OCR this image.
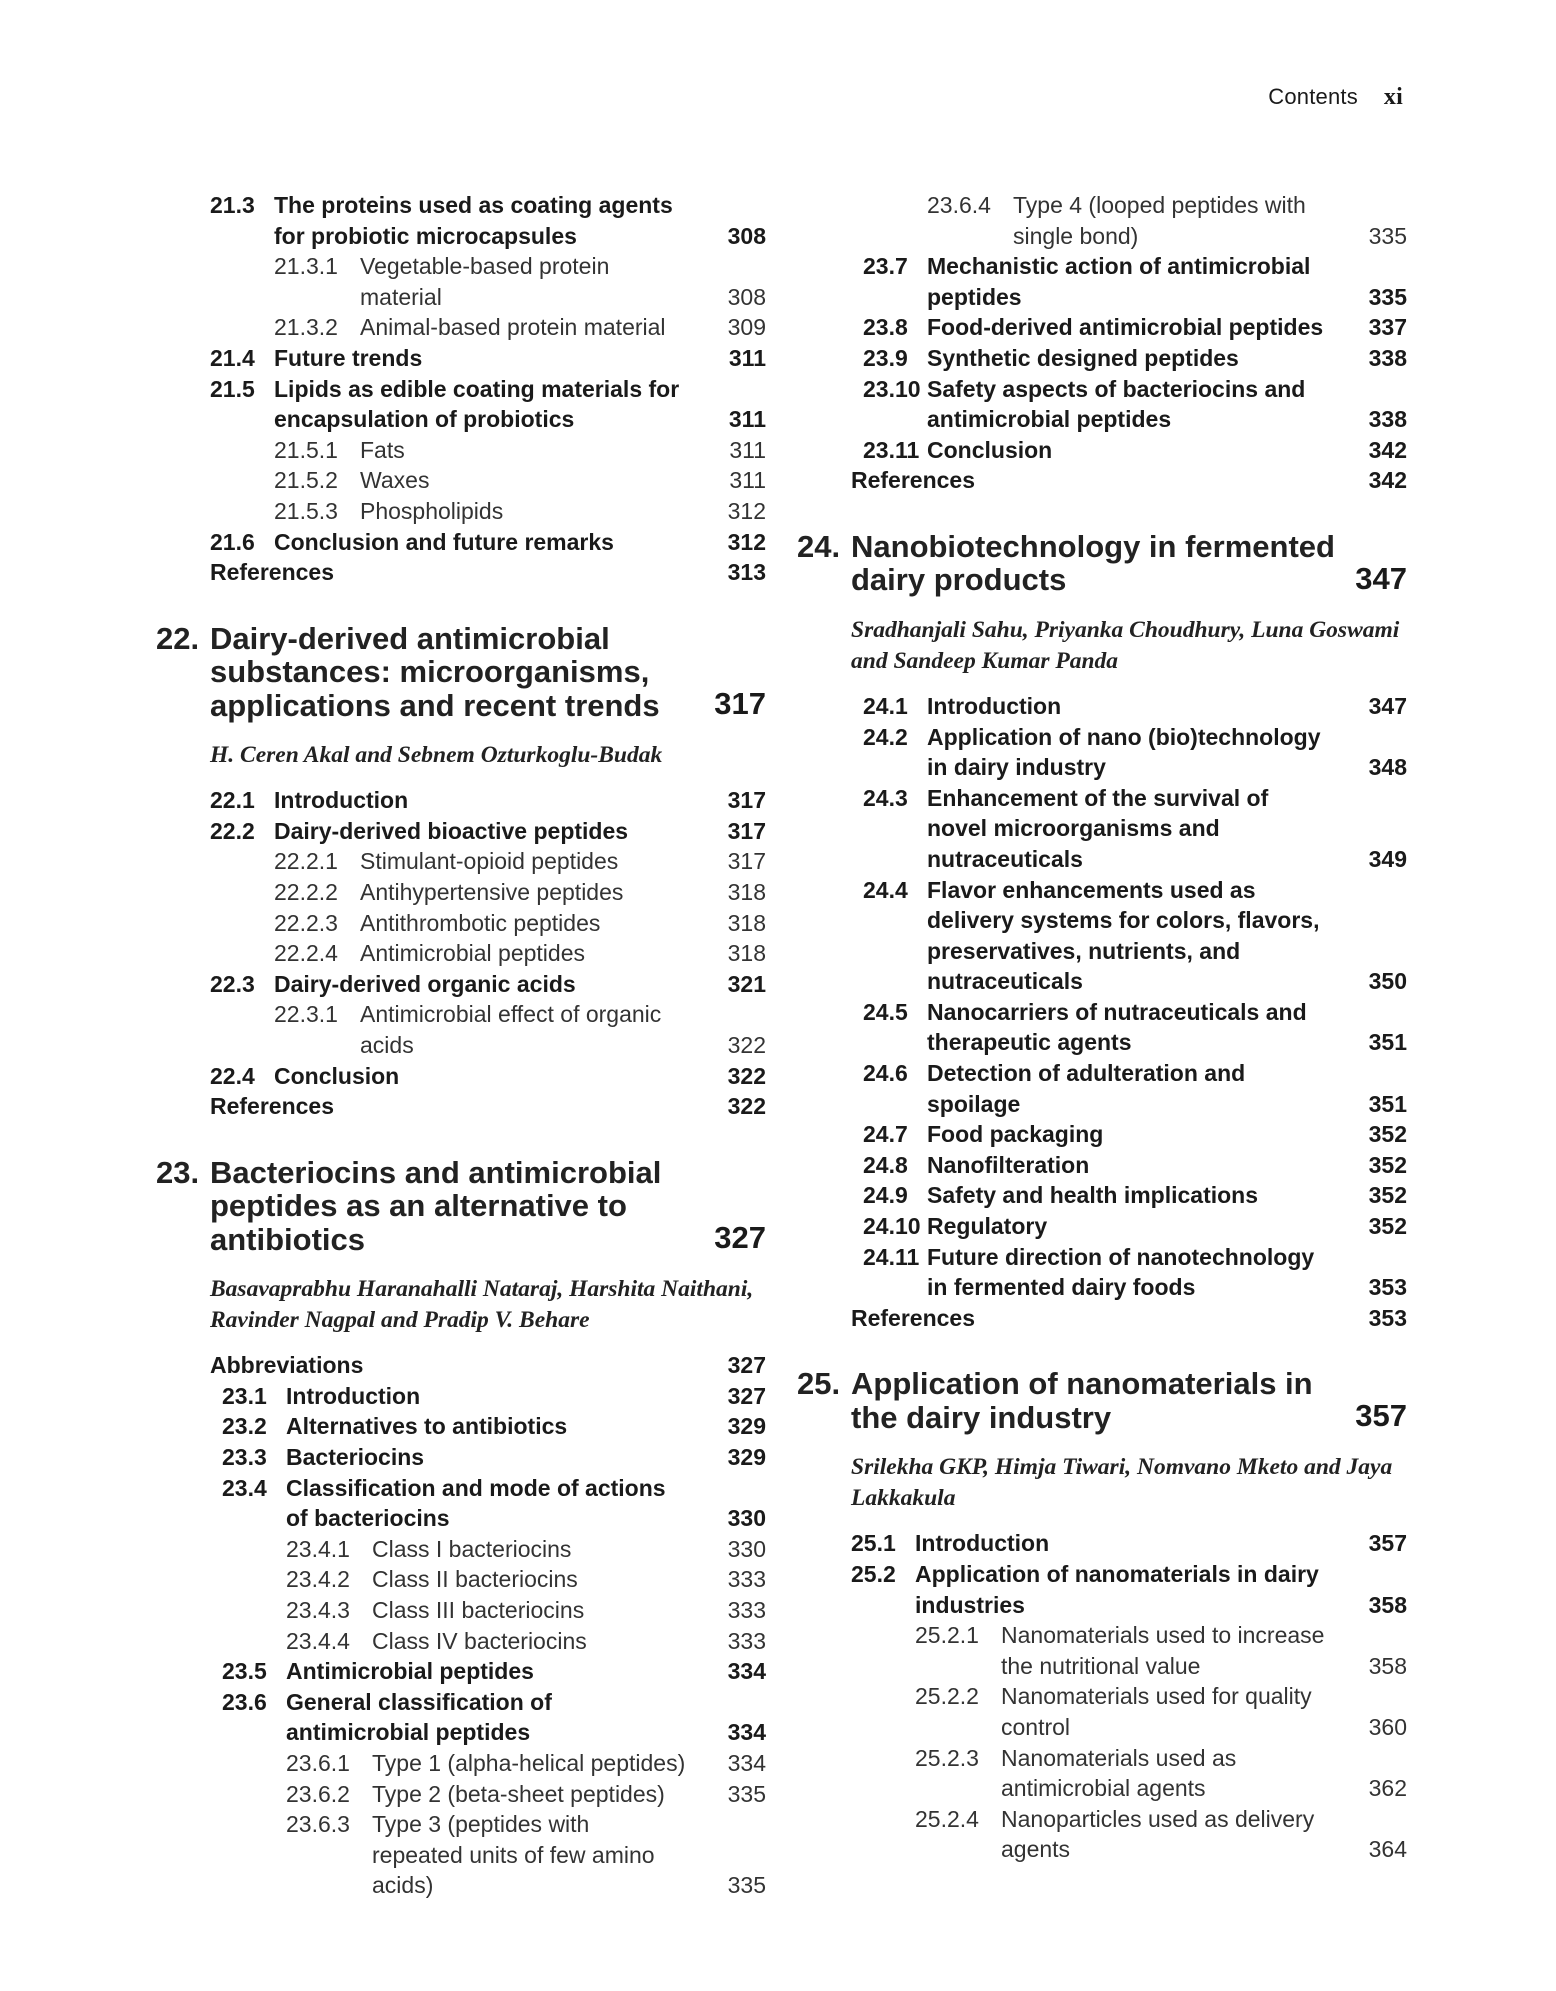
Contents xi
21.3 The proteins used as coating agents for probiotic microcapsules	308
21.3.1 Vegetable-based protein material	308
21.3.2 Animal-based protein material	309
21.4 Future trends	311
21.5 Lipids as edible coating materials for encapsulation of probiotics	311
21.5.1 Fats	311
21.5.2 Waxes	311
21.5.3 Phospholipids	312
21.6 Conclusion and future remarks	312
References	313
22. Dairy-derived antimicrobial substances: microorganisms, applications and recent trends	317
H. Ceren Akal and Sebnem Ozturkoglu-Budak
22.1 Introduction	317
22.2 Dairy-derived bioactive peptides	317
22.2.1 Stimulant-opioid peptides	317
22.2.2 Antihypertensive peptides	318
22.2.3 Antithrombotic peptides	318
22.2.4 Antimicrobial peptides	318
22.3 Dairy-derived organic acids	321
22.3.1 Antimicrobial effect of organic acids	322
22.4 Conclusion	322
References	322
23. Bacteriocins and antimicrobial peptides as an alternative to antibiotics	327
Basavaprabhu Haranahalli Nataraj, Harshita Naithani, Ravinder Nagpal and Pradip V. Behare
Abbreviations	327
23.1 Introduction	327
23.2 Alternatives to antibiotics	329
23.3 Bacteriocins	329
23.4 Classification and mode of actions of bacteriocins	330
23.4.1 Class I bacteriocins	330
23.4.2 Class II bacteriocins	333
23.4.3 Class III bacteriocins	333
23.4.4 Class IV bacteriocins	333
23.5 Antimicrobial peptides	334
23.6 General classification of antimicrobial peptides	334
23.6.1 Type 1 (alpha-helical peptides)	334
23.6.2 Type 2 (beta-sheet peptides)	335
23.6.3 Type 3 (peptides with repeated units of few amino acids)	335
23.6.4 Type 4 (looped peptides with single bond)	335
23.7 Mechanistic action of antimicrobial peptides	335
23.8 Food-derived antimicrobial peptides	337
23.9 Synthetic designed peptides	338
23.10 Safety aspects of bacteriocins and antimicrobial peptides	338
23.11 Conclusion	342
References	342
24. Nanobiotechnology in fermented dairy products	347
Sradhanjali Sahu, Priyanka Choudhury, Luna Goswami and Sandeep Kumar Panda
24.1 Introduction	347
24.2 Application of nano (bio)technology in dairy industry	348
24.3 Enhancement of the survival of novel microorganisms and nutraceuticals	349
24.4 Flavor enhancements used as delivery systems for colors, flavors, preservatives, nutrients, and nutraceuticals	350
24.5 Nanocarriers of nutraceuticals and therapeutic agents	351
24.6 Detection of adulteration and spoilage	351
24.7 Food packaging	352
24.8 Nanofilteration	352
24.9 Safety and health implications	352
24.10 Regulatory	352
24.11 Future direction of nanotechnology in fermented dairy foods	353
References	353
25. Application of nanomaterials in the dairy industry	357
Srilekha GKP, Himja Tiwari, Nomvano Mketo and Jaya Lakkakula
25.1 Introduction	357
25.2 Application of nanomaterials in dairy industries	358
25.2.1 Nanomaterials used to increase the nutritional value	358
25.2.2 Nanomaterials used for quality control	360
25.2.3 Nanomaterials used as antimicrobial agents	362
25.2.4 Nanoparticles used as delivery agents	364
